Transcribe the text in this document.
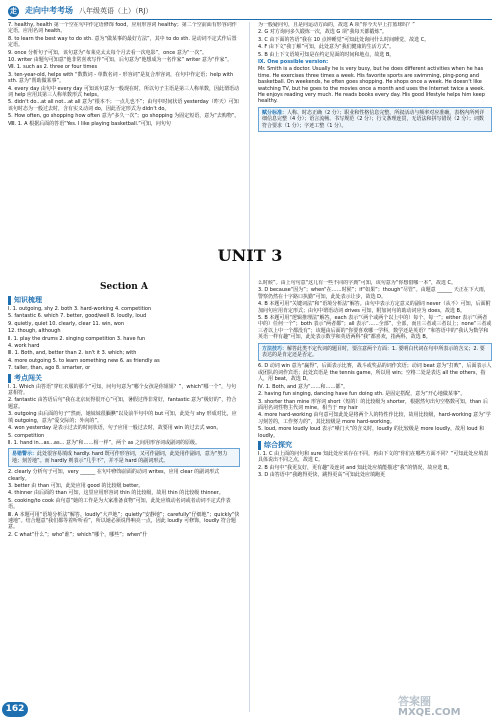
走 走向中考考场 八年级英语（上）（RJ）

7. healthy, health 第一个空在句中作定语修饰 food，应用形容词 healthy；第二个空前面有形容词作定语，应用名词 health。

8. to learn the best way to do sth. 意为“做某事的最好方法”，其中 to do sth. 是动词不定式作后置定语。

9. once 分析句子可知，该句意为“布莱克太太每个月去看一次电影”，once 意为“一次”。

10. writer 由题句可知意“他非常喜欢写作”可知，后句意为“他想成为一名作家” writer 意为“作家”。

Ⅶ. 1. such as 2. three or four times

3. ten-year-old, helps with “数数词 - 单数名词 - 形容词”是复合形容词，在句中作定语；help with sth. 意为“帮助做某事”。

4. every day 由句中 every day 可知该句意为一般现在时，所以句子主语是第三人称单数，因此谓语动词 help 应用其第三人称单数形式 helps。

5. didn't do...at all not...at all 意为“根本不；一点儿也不”；由句中时间状语 yesterday（昨天）可知该句时态为一般过去时，含有实义动词 do，因此否定形式为 didn't do。

5. How often, go shopping how often 意为“多久一次”；go shopping 为固定短语，意为“去购物”。

Ⅷ. 1. A 根据后面的答语“Yes. I like playing basketball.”可知，问句句

为一般疑问句，且是问运动方面的，故选 A 项“你今天早上打篮球吗？”

2. G 对方询问多久锻炼一次，故选 G 项“我每天都锻炼”。

3. C 由下面的答语“我在 10 点钟睡觉”可知此处询问什么时间睡觉，故选 C。

4. F 由下文“我丁解”可知，此处意为“我们健康的生活方式”。

5. B 由上下文语境可知是在约定见面的时间和地点，故选 B。

Ⅸ. One possible version:

Mr. Smith is a doctor. Usually he is very busy, but he does different activities when he has time. He exercises three times a week. His favorite sports are swimming, ping-pong and basketball. On weekends, he often goes shopping. He shops once a week. He doesn't like watching TV, but he goes to the movies once a month and uses the Internet twice a week. He enjoys reading very much. He reads books every day. His good lifestyle helps him keep healthy.

赋分标准：人称、时态正确（2 分）；职业和性格信息完整，所叙活动与频率对应准确，表格内所列详细信息完整（4 分）；语言流畅、书写规范（2 分）；行文条理连贯，无语法和拼写错误（2 分）；词数符合要求（1 分）；字迹工整（1 分）。
UNIT 3
Section A
知识梳理

Ⅰ. 1. outgoing, shy 2. both 3. hard-working 4. competition

5. fantastic 6. which 7. better, good/well 8. loudly, loud

9. quietly, quiet 10. clearly, clear 11. win, won

12. though, although

Ⅱ. 1. play the drums 2. singing competition 3. have fun

4. work hard

Ⅲ. 1. Both, and, better than 2. isn't it 3. which; with

4. more outgoing 5. to learn something new 6. as friendly as

7. taller, than, ago 8. smarter, or

考点闯关

Ⅰ. 1. Which 由答语“穿红衣服的那个”可知，问句句意为“哪个女孩是你姐姐？”，which“哪一个”，与句意相符。

2. fantastic 由答语后句“我在北京玩得很开心”可知，暑假过得非常好，fantastic 意为“极好的”，符合题意。

3. outgoing 由后面的句子“然而，她妹妹很腼腆”以及前半句中的 but 可知，此处与 shy 形成对比，应填 outgoing，意为“爱交际的；外向的”。

4. won yesterday 是表示过去的时间状语，句子应用一般过去时，故要用 win 的过去式 won。

5. competition

Ⅱ. 1. hand in...as...as... 意为“和……相一样”，两个 as 之间用形容词或副词的原级。

易错警示：此处很容易填成 hardly. hard 既可作形容词，又可作副词，此处用作副词，意为“努力地；刻苦地”。而 hardly 则表示“几乎不”，并不是 hard 的副词形式。

2. clearly 分析句子可知，very ______ 在句中修饰前面的动词 writes，应用 clear 的副词形式 clearly。

3. better 由 than 可知，此处应用 good 的比较级 better。

4. thinner 由后面的 than 可知，这里应用形容词 thin 的比较级，故用 thin 的比较级 thinner。

5. cooking/to cook 由句意“她的工作是为大家准备食物”可知，此处应填动名词或者动词不定式作表语。

Ⅲ. A 本题可用“语境分析法”解答。loudly“大声地”；quietly“安静地”；carefully“仔细地”；quickly“快速地”。结合题意“我们都等着听听看”，所以她必须说得响亮一点，因此 loudly 可修饰，loudly 符合题意。

2. C what“什么”；who“谁”；which“哪个，哪些”；when“什

么时候”。由上句句意“这儿有一些不同的字典”可知，该句意为“你想借哪一本”，故选 C。

3. D because“因为”；when“在……时候”；if“如果”；though“尽管”。由题意 ______ 天正在下大雨，警察仍然在十字路口执勤”可知，此处表示让步，故选 D。

4. B 本题可用“关键词法”和“语境分析法”解答。由句中表示方定意义的副词 never（从不）可知，后面附加问句应用肯定形式；由句中谓语动词 drives 可知，附加问句的助动词应为 does，故选 B。

5. B 本题可用“逻辑推理法”解答。each 表示“（两个或两个以上中的）每个，每一”；either 表示“（两者中的）任何一个”；both 表示“两者都”；all 表示“……全部”，全部，而且三者或三者以上；none“三者或三者以上中一个都没有”；该题由后面的“你要喜欢哪一学科，数学还是英语？”和答语中的“我认为数学和英语一样有趣”可知，此处表示数学和英语两科“我”都喜欢，指两科，故选 B。

方法技巧：解答此类不定代词的题目时，要注意两个方面：1. 要明白代词在句中所表示的含义；2. 要表达的是肯定还是否定。

6. D 动词 win 意为“赢得”，后面表示比赛，战斗或奖品的词作宾语；动词 beat 意为“打败”，后面表示人或团队的词作宾语；此处宾语是 the tennis game，所以用 win；空格二处是表达 all the others，指人，用 beat，故选 D。

Ⅳ. 1. Both, and 意为“……和……都”。

2. having fun singing, dancing have fun doing sth. 是固定搭配，意为“开心地做某事”。

3. shorter than mine 形容词 short（短的）的比较级为 shorter，根据然句出句空格数可知，than 后面用名词性物主代词 mine，相当于 my hair

4. more hard-working 由句意可知此处是将两个人的特性作比较，故用比较级，hard-working 意为“学习刻苦的，工作努力的”，其比较级是 more hard-working。

5. loud, more loudly loud 表示“嗓门大”的含义时，loudly 的比较级是 more loudly，故用 loud 和 loudly。

综合探究

Ⅰ. 1. C 由上面的问句和 sure 知此处应该存在不同，再由下文的“你们在哪些方面不同？”可知此处应填表具体说出不同之点，故选 C。

2. B 由句中“我更友好，更有趣”及连词 and 知此处应填能描述“我”的情况，故应选 B。

3. D 由答语中“我跑得更快，跳得更高”可知此处应填跑更

162
答案圈
MXQE.COM
